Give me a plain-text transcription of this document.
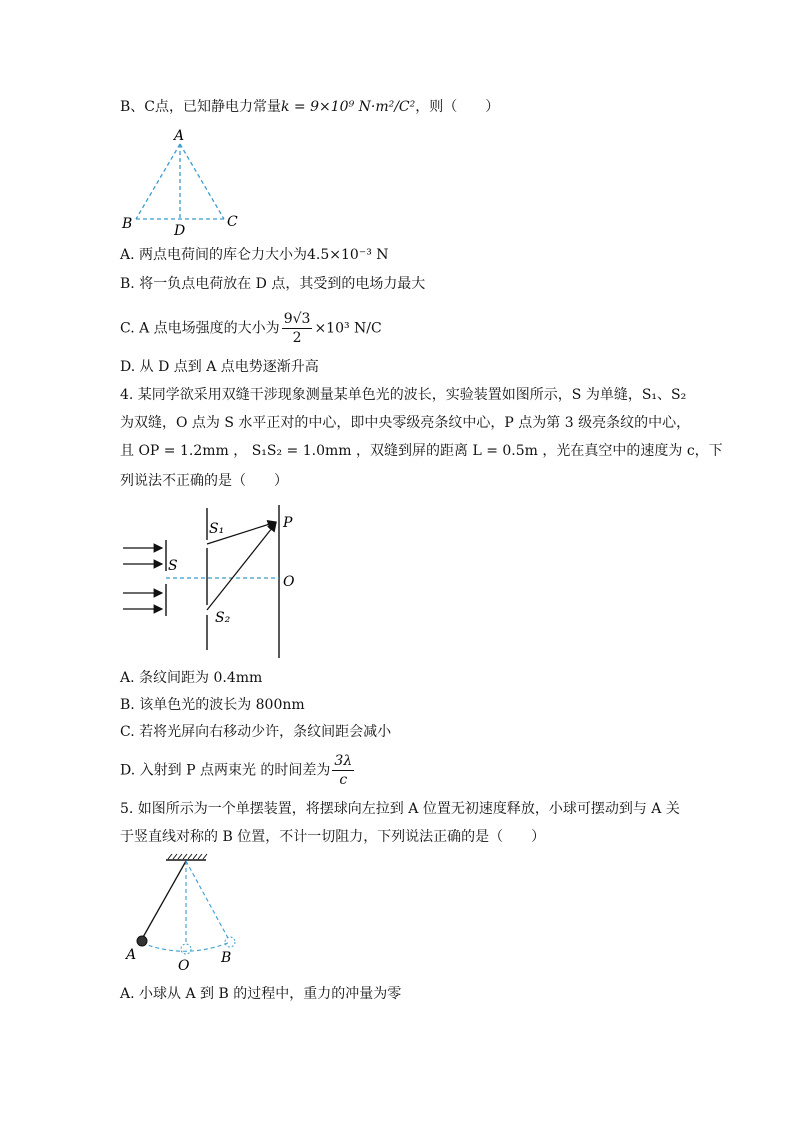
B、C点，已知静电力常量k = 9×10⁹ N·m²/C²，则（　　）
A
B	C
D
A. 两点电荷间的库仑力大小为4.5×10⁻³ N
B. 将一负点电荷放在 D 点，其受到的电场力最大
C. A 点电场强度的大小为 $\frac{9√3}{2} \times 10^3$ N/C
D. 从 D 点到 A 点电势逐渐升高
4. 某同学欲采用双缝干涉现象测量某单色光的波长，实验装置如图所示，S 为单缝，S₁、S₂
为双缝，O 点为 S 水平正对的中心，即中央零级亮条纹中心，P 点为第 3 级亮条纹的中心，
且 OP = 1.2mm ， S₁S₂ = 1.0mm ，双缝到屏的距离 L = 0.5m ，光在真空中的速度为 c，下
列说法不正确的是（　　）
S
S₁
S₂
P
O
A. 条纹间距为 0.4mm
B. 该单色光的波长为 800nm
C. 若将光屏向右移动少许，条纹间距会减小
D. 入射到 P 点两束光 的时间差为 $\frac{3\lambda}{c}$
5. 如图所示为一个单摆装置，将摆球向左拉到 A 位置无初速度释放，小球可摆动到与 A 关
于竖直线对称的 B 位置，不计一切阻力，下列说法正确的是（　　）
A
O B
A. 小球从 A 到 B 的过程中，重力的冲量为零
